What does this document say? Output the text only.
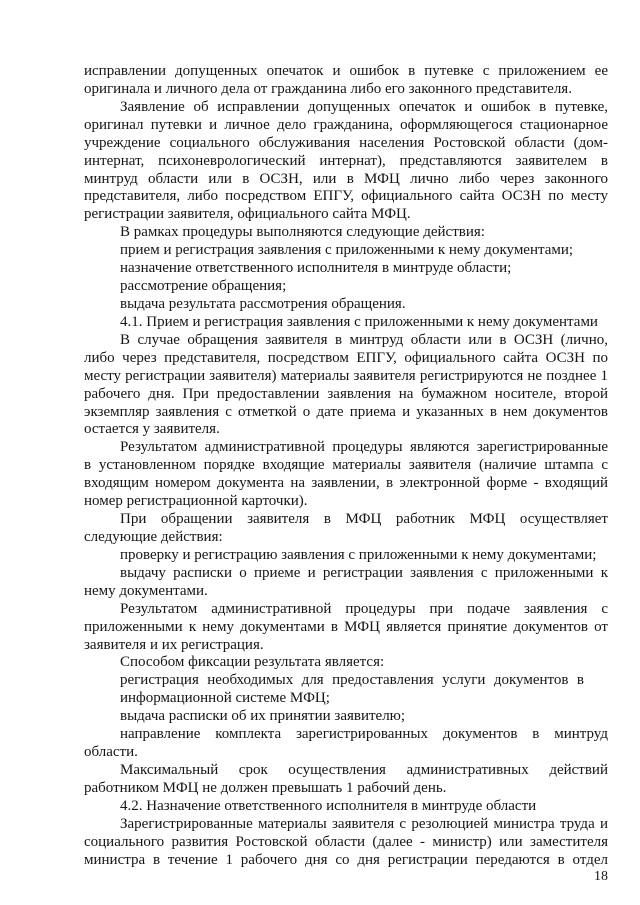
исправлении допущенных опечаток и ошибок в путевке с приложением ее
оригинала и личного дела от гражданина либо его законного представителя.
Заявление об исправлении допущенных опечаток и ошибок в путевке,
оригинал путевки и личное дело гражданина, оформляющегося стационарное
учреждение социального обслуживания населения Ростовской области (дом-
интернат, психоневрологический интернат), представляются заявителем в
минтруд области или в ОСЗН, или в МФЦ лично либо через законного
представителя, либо посредством ЕПГУ, официального сайта ОСЗН по месту
регистрации заявителя, официального сайта МФЦ.
В рамках процедуры выполняются следующие действия:
прием и регистрация заявления с приложенными к нему документами;
назначение ответственного исполнителя в минтруде области;
рассмотрение обращения;
выдача результата рассмотрения обращения.
4.1. Прием и регистрация заявления с приложенными к нему документами
В случае обращения заявителя в минтруд области или в ОСЗН (лично,
либо через представителя, посредством ЕПГУ, официального сайта ОСЗН по
месту регистрации заявителя) материалы заявителя регистрируются не позднее 1
рабочего дня. При предоставлении заявления на бумажном носителе, второй
экземпляр заявления с отметкой о дате приема и указанных в нем документов
остается у заявителя.
Результатом административной процедуры являются зарегистрированные
в установленном порядке входящие материалы заявителя (наличие штампа с
входящим номером документа на заявлении, в электронной форме - входящий
номер регистрационной карточки).
При обращении заявителя в МФЦ работник МФЦ осуществляет
следующие действия:
проверку и регистрацию заявления с приложенными к нему документами;
выдачу расписки о приеме и регистрации заявления с приложенными к
нему документами.
Результатом административной процедуры при подаче заявления с
приложенными к нему документами в МФЦ является принятие документов от
заявителя и их регистрация.
Способом фиксации результата является:
регистрация необходимых для предоставления услуги документов в
информационной системе МФЦ;
выдача расписки об их принятии заявителю;
направление комплекта зарегистрированных документов в минтруд
области.
Максимальный срок осуществления административных действий
работником МФЦ не должен превышать 1 рабочий день.
4.2. Назначение ответственного исполнителя в минтруде области
Зарегистрированные материалы заявителя с резолюцией министра труда и
социального развития Ростовской области (далее - министр) или заместителя
министра в течение 1 рабочего дня со дня регистрации передаются в отдел
18
